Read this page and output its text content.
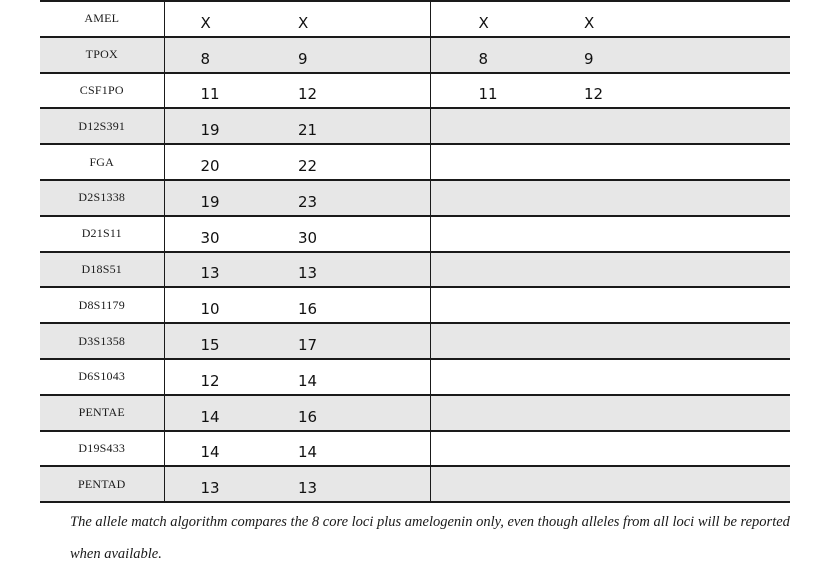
AMEL	X	X	X	X
TPOX	8	9	8	9
CSF1PO	11	12	11	12
D12S391	19	21		
FGA	20	22		
D2S1338	19	23		
D21S11	30	30		
D18S51	13	13		
D8S1179	10	16		
D3S1358	15	17		
D6S1043	12	14		
PENTAE	14	16		
D19S433	14	14		
PENTAD	13	13		

The allele match algorithm compares the 8 core loci plus amelogenin only, even though alleles from all loci will be reported when available.
